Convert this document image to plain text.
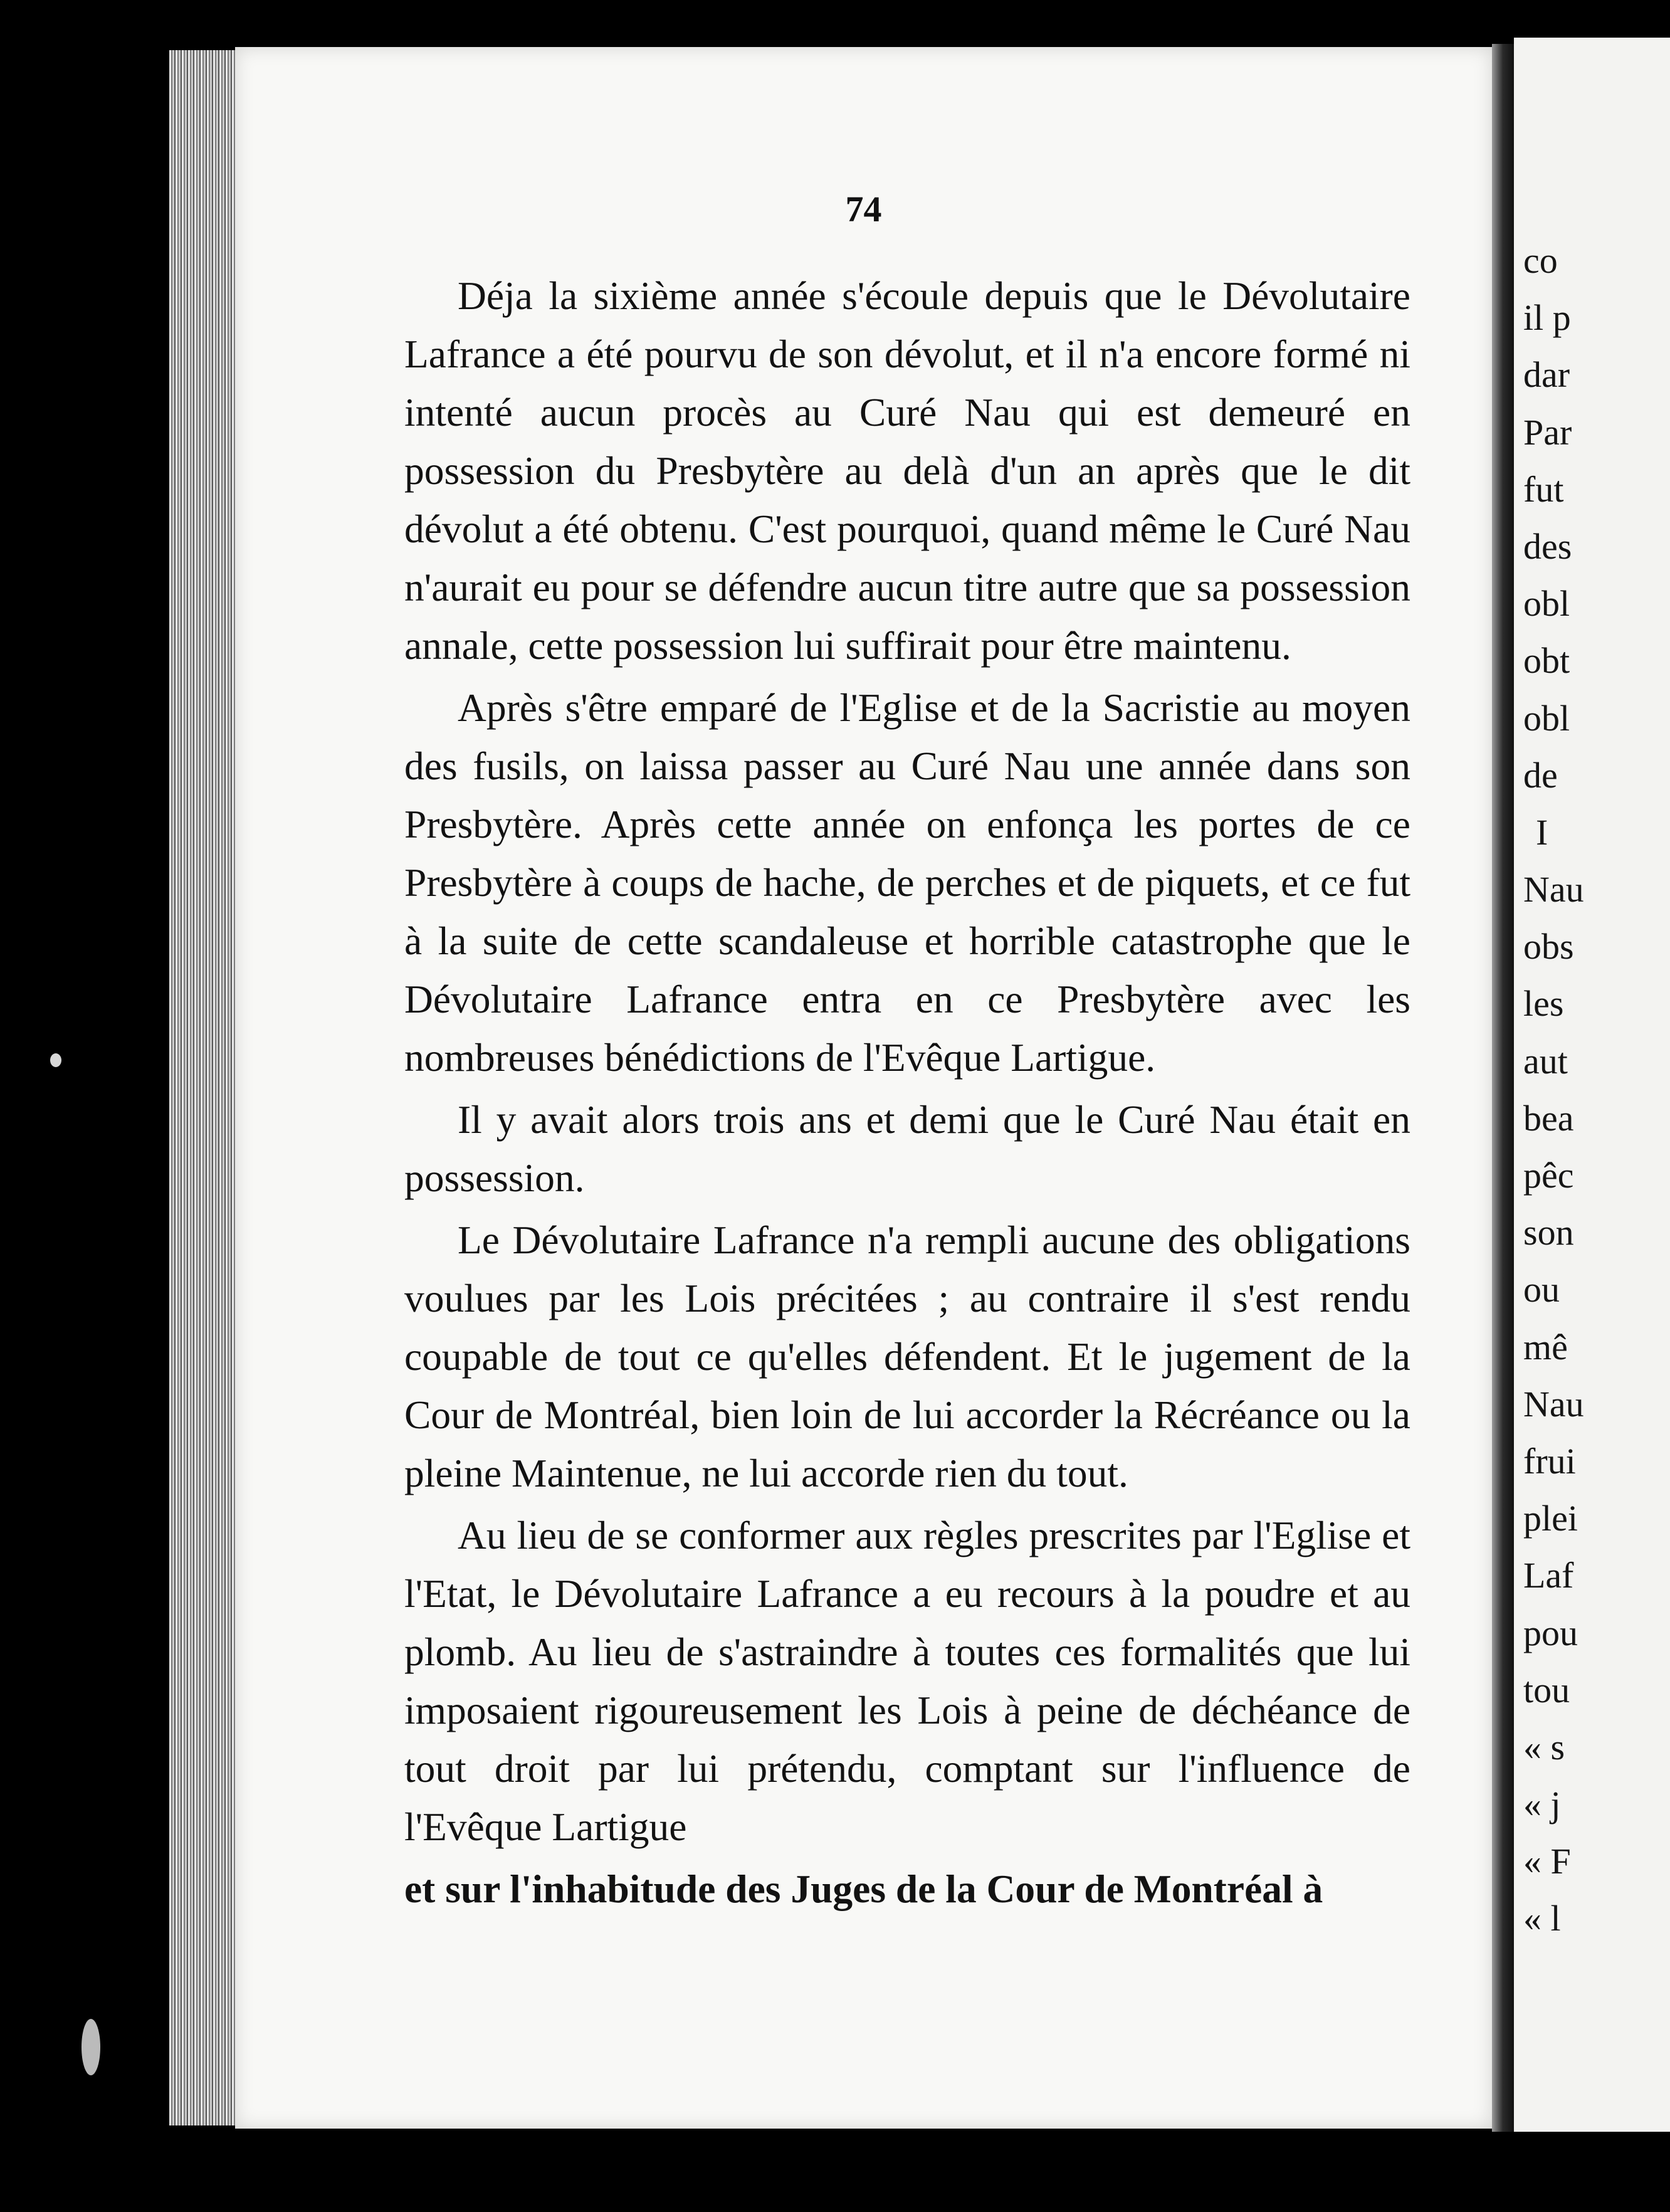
74

Déja la sixième année s'écoule depuis que le Dévolutaire Lafrance a été pourvu de son dévolut, et il n'a encore formé ni intenté aucun procès au Curé Nau qui est demeuré en possession du Presbytère au delà d'un an après que le dit dévolut a été obtenu. C'est pourquoi, quand même le Curé Nau n'aurait eu pour se défendre aucun titre autre que sa possession annale, cette possession lui suffirait pour être maintenu.

Après s'être emparé de l'Eglise et de la Sacristie au moyen des fusils, on laissa passer au Curé Nau une année dans son Presbytère. Après cette année on enfonça les portes de ce Presbytère à coups de hache, de perches et de piquets, et ce fut à la suite de cette scandaleuse et horrible catastrophe que le Dévolutaire Lafrance entra en ce Presbytère avec les nombreuses bénédictions de l'Evêque Lartigue.

Il y avait alors trois ans et demi que le Curé Nau était en possession.

Le Dévolutaire Lafrance n'a rempli aucune des obligations voulues par les Lois précitées ; au contraire il s'est rendu coupable de tout ce qu'elles défendent. Et le jugement de la Cour de Montréal, bien loin de lui accorder la Récréance ou la pleine Maintenue, ne lui accorde rien du tout.

Au lieu de se conformer aux règles prescrites par l'Eglise et l'Etat, le Dévolutaire Lafrance a eu recours à la poudre et au plomb. Au lieu de s'astraindre à toutes ces formalités que lui imposaient rigoureusement les Lois à peine de déchéance de tout droit par lui prétendu, comptant sur l'influence de l'Evêque Lartigue

et sur l'inhabitude des Juges de la Cour de Montréal à

co
il p
dar
Par
fut
des
obl
obt
obl
de
I
Nau
obs
les
aut
bea
pêc
son
ou
mê
Nau
frui
plei
Laf
pou
tou
« s
« j
« F
« l
